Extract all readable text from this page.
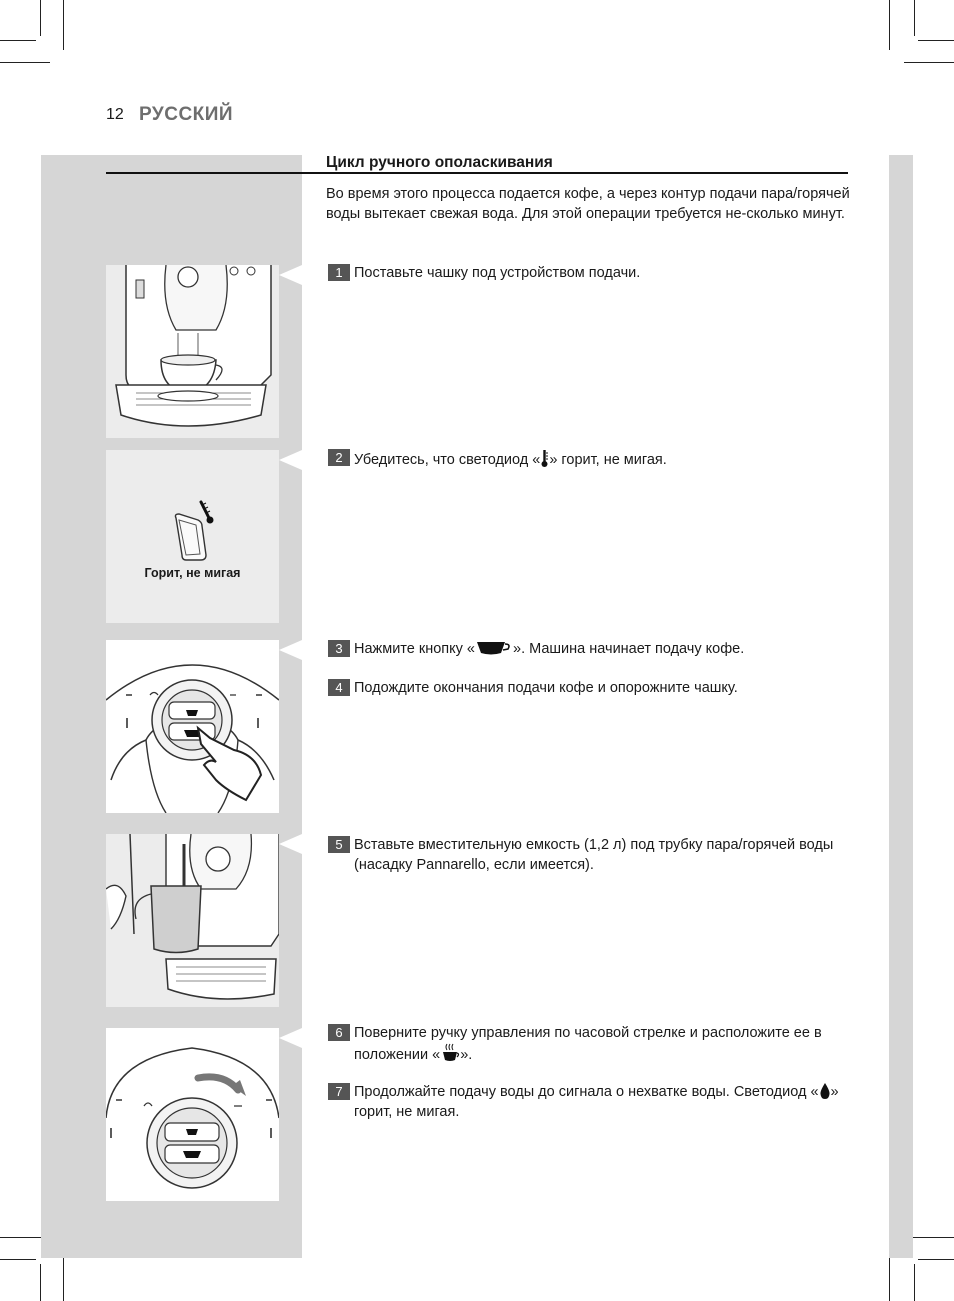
12 РУССКИЙ
Цикл ручного ополаскивания

Во время этого процесса подается кофе, а через контур подачи пара/горячей воды вытекает свежая вода. Для этой операции требуется не-сколько минут.

Горит, не мигая
1 Поставьте чашку под устройством подачи.
2 Убедитесь, что светодиод « » горит, не мигая.
3 Нажмите кнопку «	». Машина начинает подачу кофе.
4 Подождите окончания подачи кофе и опорожните чашку.
5 Вставьте вместительную емкость (1,2 л) под трубку пара/горячей воды (насадку Pannarello, если имеется).
6 Поверните ручку управления по часовой стрелке и расположите ее в положении « ».
7 Продолжайте подачу воды до сигнала о нехватке воды. Светодиод « » горит, не мигая.
